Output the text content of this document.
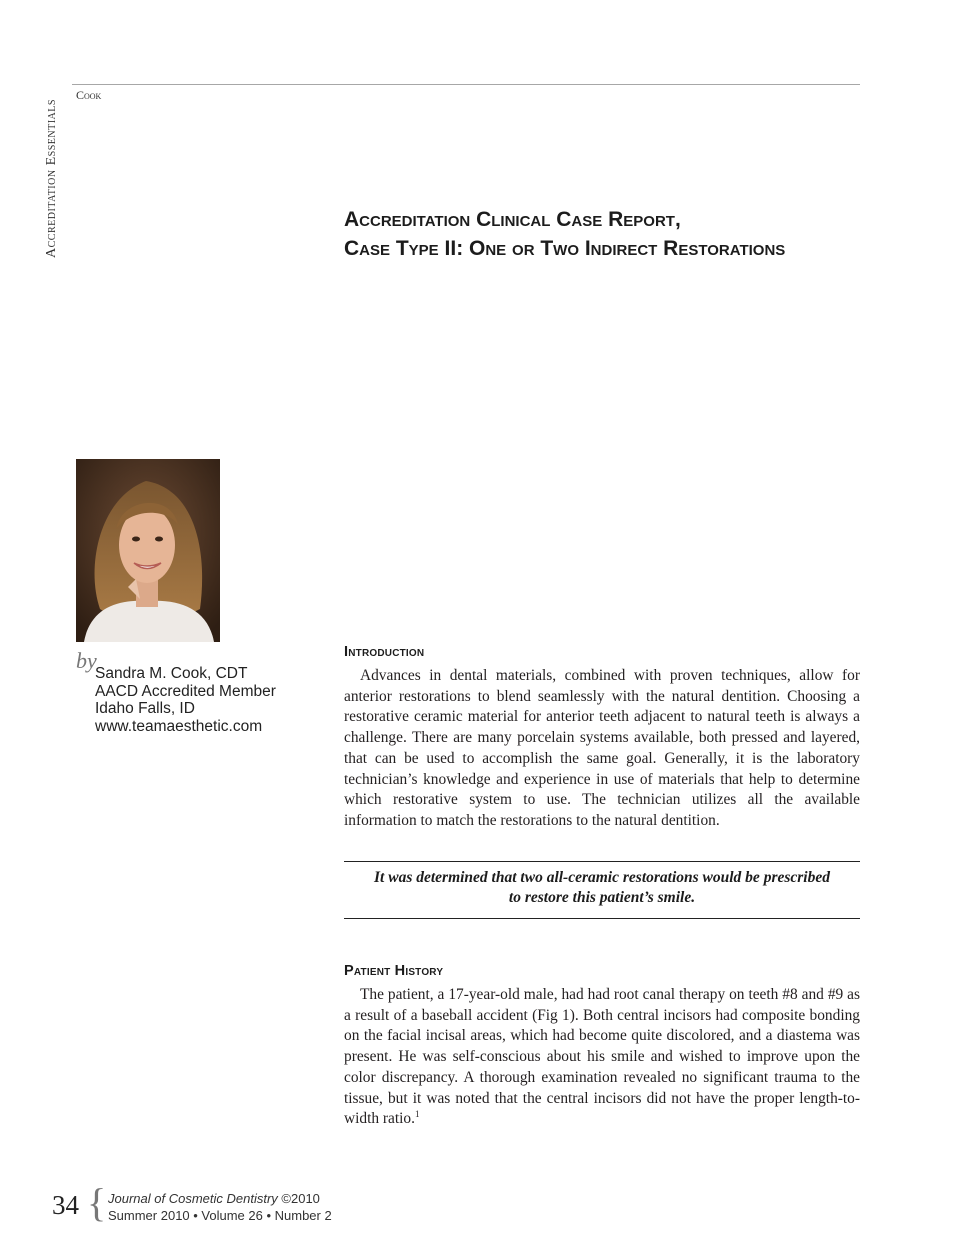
Accreditation Essentials
Cook
Accreditation Clinical Case Report,
Case Type II: One or Two Indirect Restorations
by
Sandra M. Cook, CDT
AACD Accredited Member
Idaho Falls, ID
www.teamaesthetic.com
Introduction

Advances in dental materials, combined with proven techniques, allow for anterior restorations to blend seamlessly with the natural dentition. Choosing a restorative ceramic material for anterior teeth adjacent to natural teeth is always a challenge. There are many porcelain systems available, both pressed and layered, that can be used to accomplish the same goal. Generally, it is the laboratory technician’s knowledge and experience in use of materials that help to determine which restorative system to use. The technician utilizes all the available information to match the restorations to the natural dentition.

It was determined that two all-ceramic restorations would be prescribed
to restore this patient’s smile.
Patient History

The patient, a 17-year-old male, had had root canal therapy on teeth #8 and #9 as a result of a baseball accident (Fig 1). Both central incisors had composite bonding on the facial incisal areas, which had become quite discolored, and a diastema was present. He was self-conscious about his smile and wished to improve upon the color discrepancy. A thorough examination revealed no significant trauma to the tissue, but it was noted that the central incisors did not have the proper length-to-width ratio.$^1$

34 { Journal of Cosmetic Dentistry ©2010
Summer 2010 • Volume 26 • Number 2
